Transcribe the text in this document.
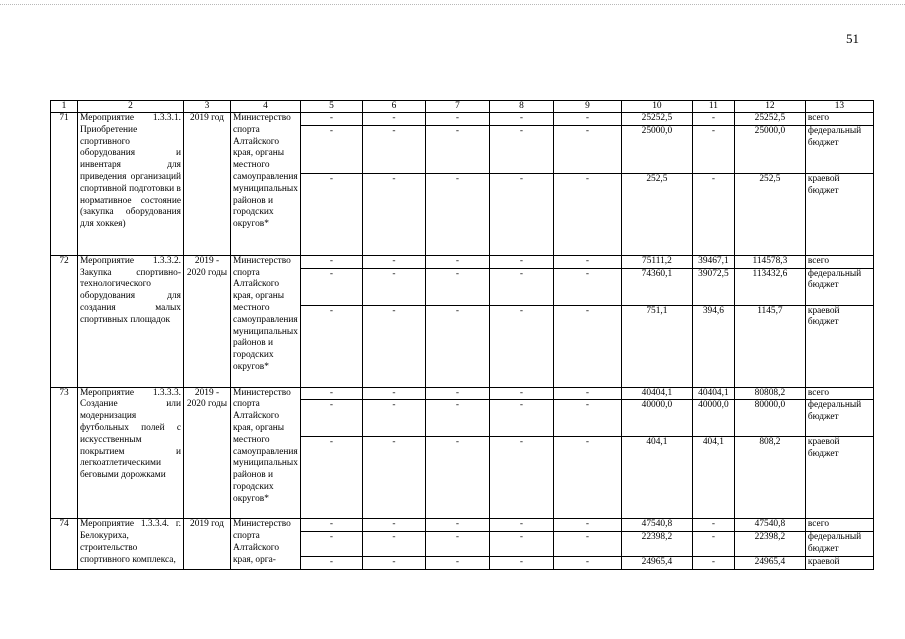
51
1	2	3	4	5	6	7	8	9	10	11	12	13
71	Мероприятие 1.3.3.1. Приобретение спортивного оборудования и инвентаря для приведения организаций спортивной подготовки в нормативное состояние (закупка оборудования для хоккея)	2019 год	Министерство спорта Алтайского края, органы местного самоуправления муниципальных районов и городских округов*	-	-	-	-	-	25252,5	-	25252,5	всего
				-	-	-	-	-	25000,0	-	25000,0	федеральный бюджет
				-	-	-	-	-	252,5	-	252,5	краевой бюджет
72	Мероприятие 1.3.3.2. Закупка спортивно-технологического оборудования для создания малых спортивных площадок	2019 - 2020 годы	Министерство спорта Алтайского края, органы местного самоуправления муниципальных районов и городских округов*	-	-	-	-	-	75111,2	39467,1	114578,3	всего
				-	-	-	-	-	74360,1	39072,5	113432,6	федеральный бюджет
				-	-	-	-	-	751,1	394,6	1145,7	краевой бюджет
73	Мероприятие 1.3.3.3. Создание или модернизация футбольных полей с искусственным покрытием и легкоатлетическими беговыми дорожками	2019 - 2020 годы	Министерство спорта Алтайского края, органы местного самоуправления муниципальных районов и городских округов*	-	-	-	-	-	40404,1	40404,1	80808,2	всего
				-	-	-	-	-	40000,0	40000,0	80000,0	федеральный бюджет
				-	-	-	-	-	404,1	404,1	808,2	краевой бюджет
74	Мероприятие 1.3.3.4. г. Белокуриха, строительство спортивного комплекса,	2019 год	Министерство спорта Алтайского края, орга-	-	-	-	-	-	47540,8	-	47540,8	всего
				-	-	-	-	-	22398,2	-	22398,2	федеральный бюджет
				-	-	-	-	-	24965,4	-	24965,4	краевой
